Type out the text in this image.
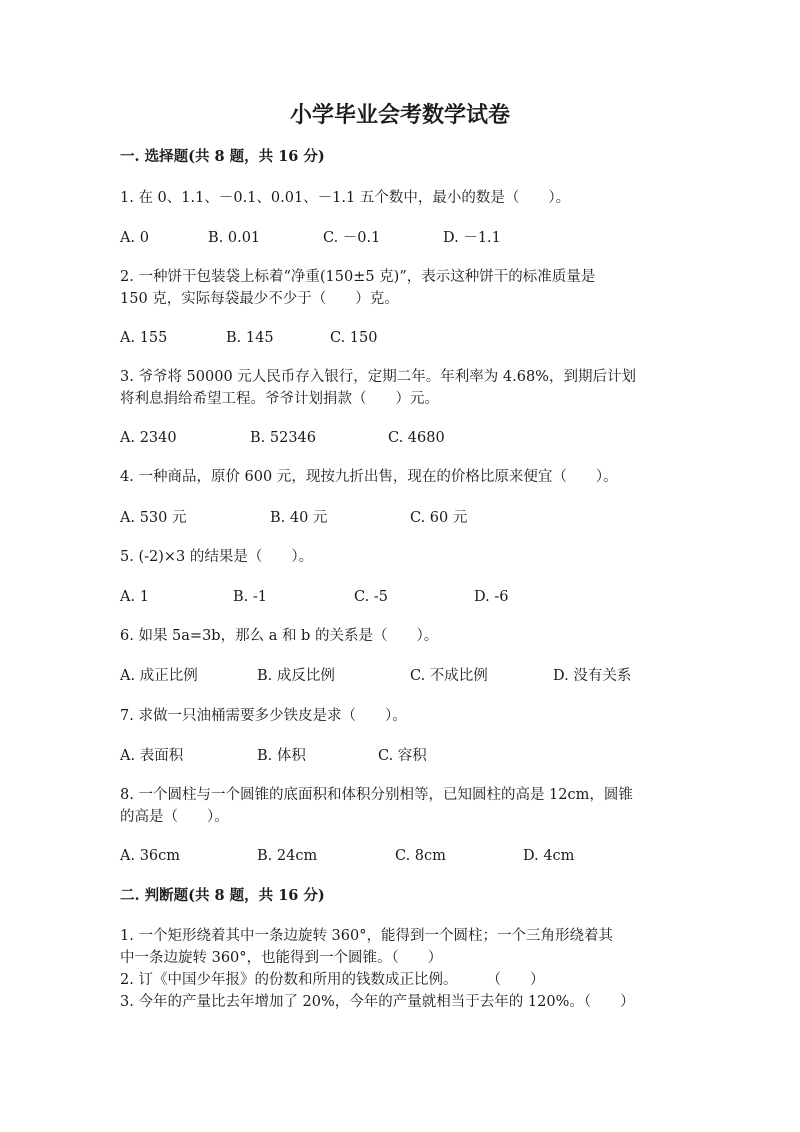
小学毕业会考数学试卷
一. 选择题(共 8 题，共 16 分)
1. 在 0、1.1、－0.1、0.01、－1.1 五个数中，最小的数是（　　）。
A. 0	B. 0.01	C. －0.1	D. －1.1
2. 一种饼干包装袋上标着“净重(150±5 克)”，表示这种饼干的标准质量是
150 克，实际每袋最少不少于（　　）克。
A. 155	B. 145	C. 150
3. 爷爷将 50000 元人民币存入银行，定期二年。年利率为 4.68%，到期后计划
将利息捐给希望工程。爷爷计划捐款（　　）元。
A. 2340	B. 52346	C. 4680
4. 一种商品，原价 600 元，现按九折出售，现在的价格比原来便宜（　　）。
A. 530 元	B. 40 元	C. 60 元
5. (-2)×3 的结果是（　　）。
A. 1	B. -1	C. -5	D. -6
6. 如果 5a=3b，那么 a 和 b 的关系是（　　）。
A. 成正比例	B. 成反比例	C. 不成比例	D. 没有关系
7. 求做一只油桶需要多少铁皮是求（　　）。
A. 表面积	B. 体积	C. 容积
8. 一个圆柱与一个圆锥的底面积和体积分别相等，已知圆柱的高是 12cm，圆锥
的高是（　　）。
A. 36cm	B. 24cm	C. 8cm	D. 4cm
二. 判断题(共 8 题，共 16 分)
1. 一个矩形绕着其中一条边旋转 360°，能得到一个圆柱；一个三角形绕着其
中一条边旋转 360°，也能得到一个圆锥。（　　）
2. 订《中国少年报》的份数和所用的钱数成正比例。　　　（　　）
3. 今年的产量比去年增加了 20%，今年的产量就相当于去年的 120%。（　　）
